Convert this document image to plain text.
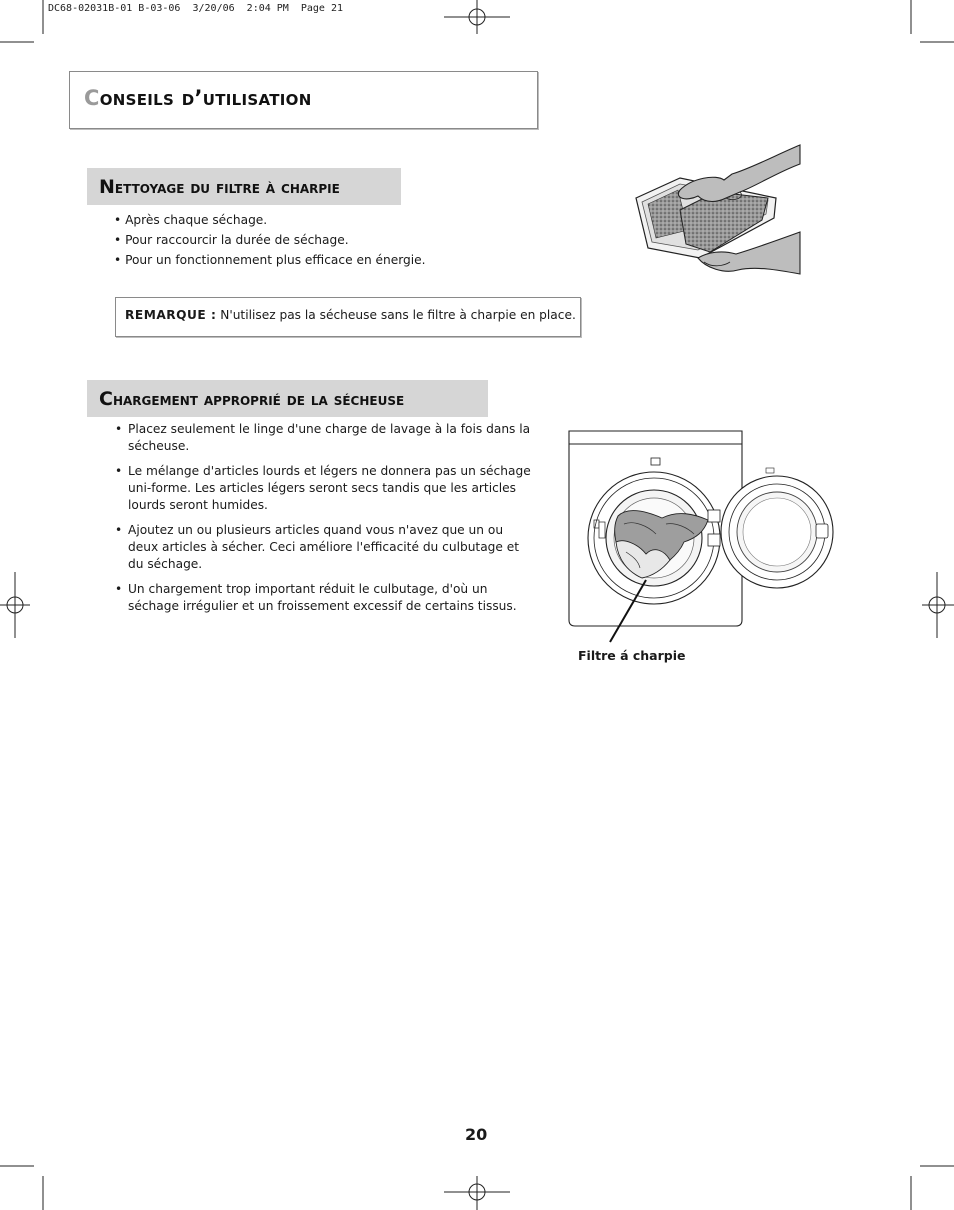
DC68-02031B-01 B-03-06  3/20/06  2:04 PM  Page 21
Conseils d’utilisation
Nettoyage du filtre à charpie
• Après chaque séchage.
• Pour raccourcir la durée de séchage.
• Pour un fonctionnement plus efficace en énergie.
REMARQUE : N'utilisez pas la sécheuse sans le filtre à charpie en place.
Chargement approprié de la sécheuse
• Placez seulement le linge d'une charge de lavage à la fois dans la sécheuse.
• Le mélange d'articles lourds et légers ne donnera pas un séchage uni-forme. Les articles légers seront secs tandis que les articles lourds seront humides.
• Ajoutez un ou plusieurs articles quand vous n'avez que un ou deux articles à sécher. Ceci améliore l'efficacité du culbutage et du séchage.
• Un chargement trop important réduit le culbutage, d'où un séchage irrégulier et un froissement excessif de certains tissus.
Filtre á charpie
20
